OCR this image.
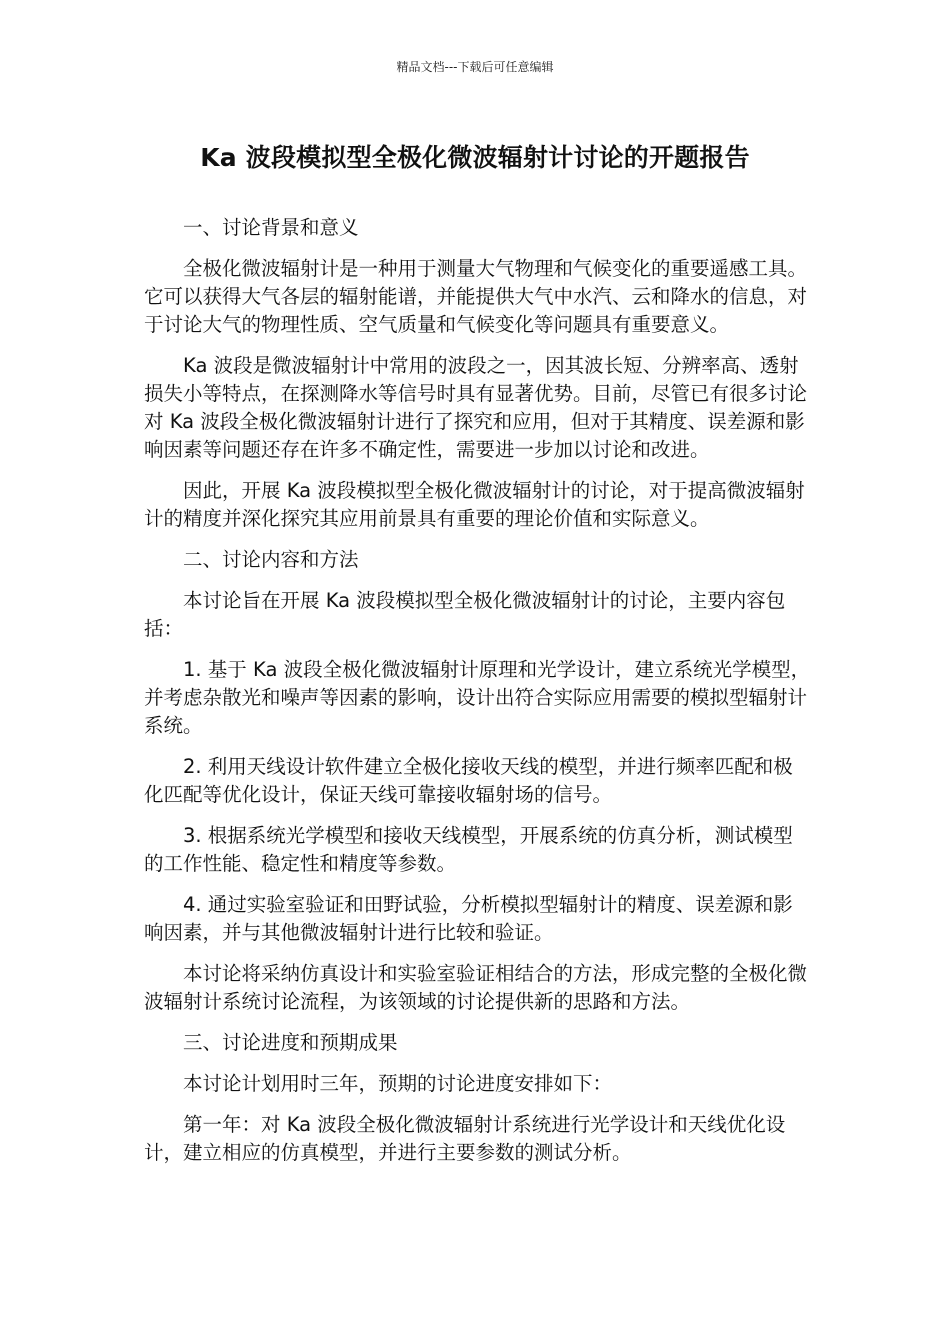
精品文档---下载后可任意编辑
Ka 波段模拟型全极化微波辐射计讨论的开题报告

一、讨论背景和意义

全极化微波辐射计是一种用于测量大气物理和气候变化的重要遥感工具。它可以获得大气各层的辐射能谱，并能提供大气中水汽、云和降水的信息，对于讨论大气的物理性质、空气质量和气候变化等问题具有重要意义。

Ka 波段是微波辐射计中常用的波段之一，因其波长短、分辨率高、透射损失小等特点，在探测降水等信号时具有显著优势。目前，尽管已有很多讨论对 Ka 波段全极化微波辐射计进行了探究和应用，但对于其精度、误差源和影响因素等问题还存在许多不确定性，需要进一步加以讨论和改进。

因此，开展 Ka 波段模拟型全极化微波辐射计的讨论，对于提高微波辐射计的精度并深化探究其应用前景具有重要的理论价值和实际意义。

二、讨论内容和方法

本讨论旨在开展 Ka 波段模拟型全极化微波辐射计的讨论，主要内容包括：

1. 基于 Ka 波段全极化微波辐射计原理和光学设计，建立系统光学模型，并考虑杂散光和噪声等因素的影响，设计出符合实际应用需要的模拟型辐射计系统。

2. 利用天线设计软件建立全极化接收天线的模型，并进行频率匹配和极化匹配等优化设计，保证天线可靠接收辐射场的信号。

3. 根据系统光学模型和接收天线模型，开展系统的仿真分析，测试模型的工作性能、稳定性和精度等参数。

4. 通过实验室验证和田野试验，分析模拟型辐射计的精度、误差源和影响因素，并与其他微波辐射计进行比较和验证。

本讨论将采纳仿真设计和实验室验证相结合的方法，形成完整的全极化微波辐射计系统讨论流程，为该领域的讨论提供新的思路和方法。

三、讨论进度和预期成果

本讨论计划用时三年，预期的讨论进度安排如下：

第一年：对 Ka 波段全极化微波辐射计系统进行光学设计和天线优化设计，建立相应的仿真模型，并进行主要参数的测试分析。
